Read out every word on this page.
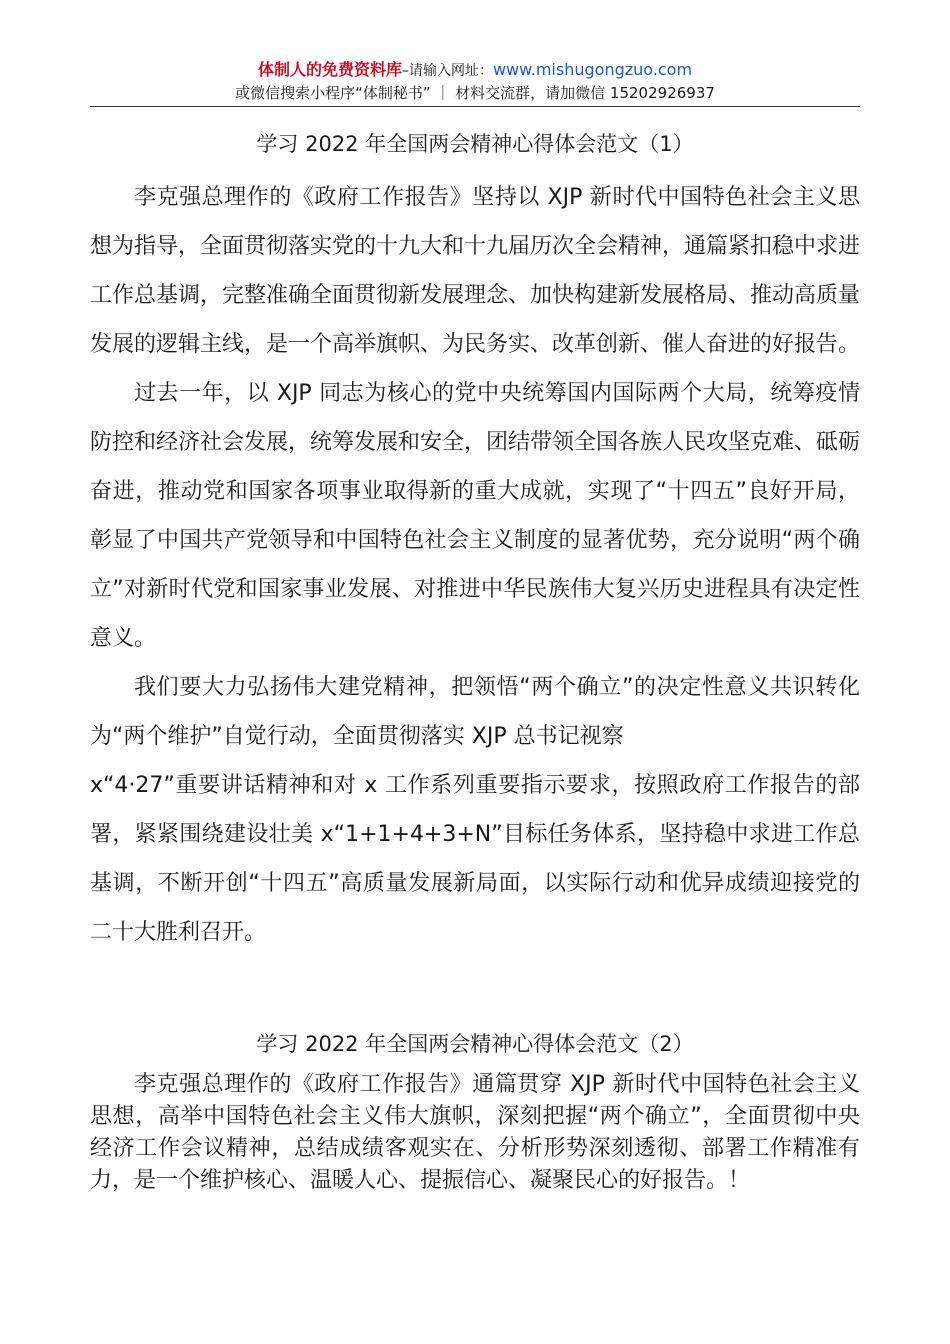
体制人的免费资料库–请输入网址：www.mishugongzuo.com
或微信搜索小程序“体制秘书” ｜ 材料交流群，请加微信 15202926937
学习 2022 年全国两会精神心得体会范文（1）

李克强总理作的《政府工作报告》坚持以 XJP 新时代中国特色社会主义思想为指导，全面贯彻落实党的十九大和十九届历次全会精神，通篇紧扣稳中求进工作总基调，完整准确全面贯彻新发展理念、加快构建新发展格局、推动高质量发展的逻辑主线，是一个高举旗帜、为民务实、改革创新、催人奋进的好报告。

过去一年，以 XJP 同志为核心的党中央统筹国内国际两个大局，统筹疫情防控和经济社会发展，统筹发展和安全，团结带领全国各族人民攻坚克难、砥砺奋进，推动党和国家各项事业取得新的重大成就，实现了“十四五”良好开局，彰显了中国共产党领导和中国特色社会主义制度的显著优势，充分说明“两个确立”对新时代党和国家事业发展、对推进中华民族伟大复兴历史进程具有决定性意义。

我们要大力弘扬伟大建党精神，把领悟“两个确立”的决定性意义共识转化为“两个维护”自觉行动，全面贯彻落实 XJP 总书记视察

x“4·27”重要讲话精神和对 x 工作系列重要指示要求，按照政府工作报告的部署，紧紧围绕建设壮美 x“1+1+4+3+N”目标任务体系，坚持稳中求进工作总基调，不断开创“十四五”高质量发展新局面，以实际行动和优异成绩迎接党的二十大胜利召开。

学习 2022 年全国两会精神心得体会范文（2）

李克强总理作的《政府工作报告》通篇贯穿 XJP 新时代中国特色社会主义思想，高举中国特色社会主义伟大旗帜，深刻把握“两个确立”，全面贯彻中央经济工作会议精神，总结成绩客观实在、分析形势深刻透彻、部署工作精准有力，是一个维护核心、温暖人心、提振信心、凝聚民心的好报告。！
